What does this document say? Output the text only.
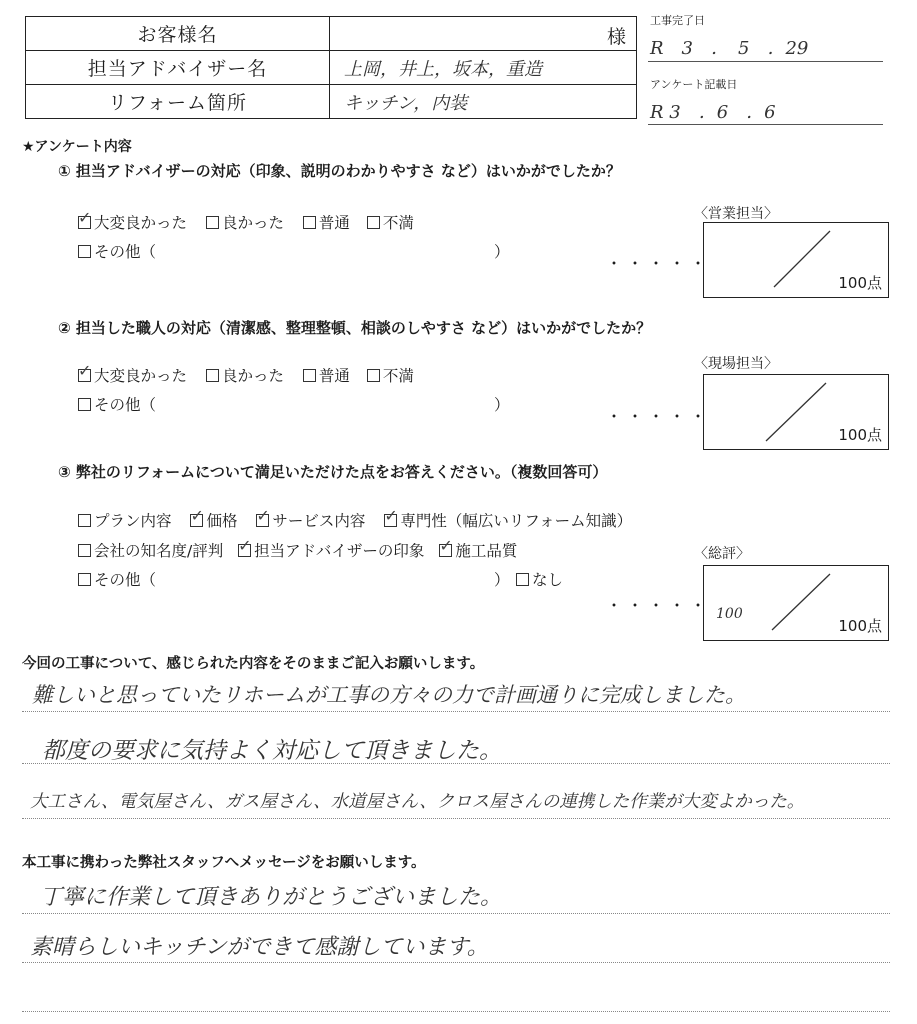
お客様名	様

担当アドバイザー名	上岡，井上，坂本，重造
リフォーム箇所	キッチン，内装
工事完了日
R　3　．　5　．29
アンケート記載日
R 3　．6　．6
★アンケート内容
① 担当アドバイザーの対応（印象、説明のわかりやすさ など）はいかがでしたか？
✓大変良かった 良かった 普通 不満
その他（	）
・・・・・
〈営業担当〉
100点
② 担当した職人の対応（清潔感、整理整頓、相談のしやすさ など）はいかがでしたか？
✓大変良かった 良かった 普通 不満
その他（	）
・・・・・
〈現場担当〉
100点
③ 弊社のリフォームについて満足いただけた点をお答えください。（複数回答可）
プラン内容 ✓ 価格 ✓ サービス内容 ✓ 専門性（幅広いリフォーム知識）
会社の知名度/評判 ✓ 担当アドバイザーの印象 ✓ 施工品質
その他（	）	なし
・・・・・
〈総評〉
100
100点
今回の工事について、感じられた内容をそのままご記入お願いします。
難しいと思っていたリホームが工事の方々の力で計画通りに完成しました。
都度の要求に気持よく対応して頂きました。
大工さん、電気屋さん、ガス屋さん、水道屋さん、クロス屋さんの連携した作業が大変よかった。
本工事に携わった弊社スタッフへメッセージをお願いします。
丁寧に作業して頂きありがとうございました。
素晴らしいキッチンができて感謝しています。
